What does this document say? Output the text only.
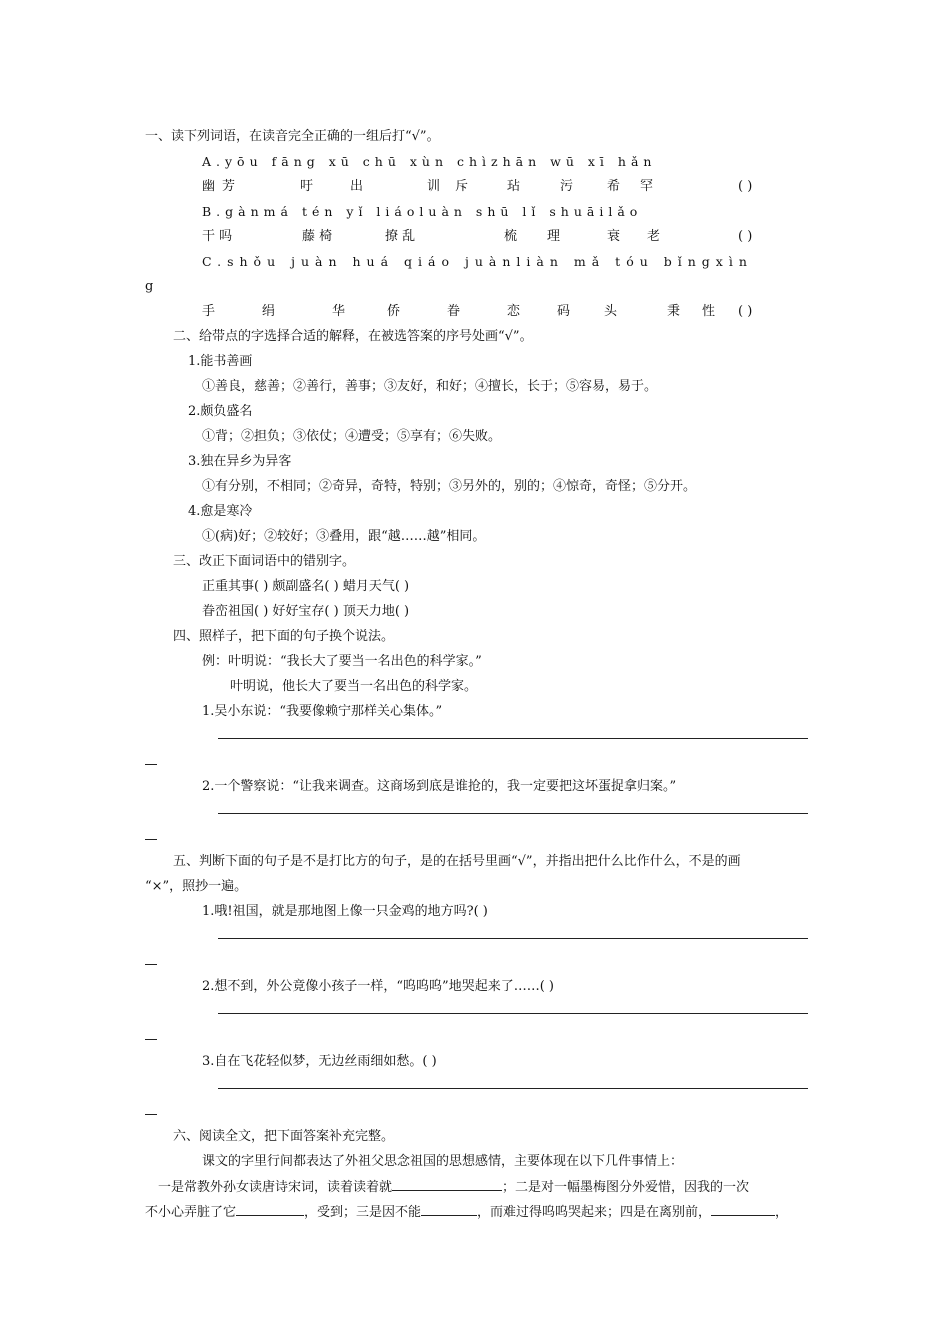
一、读下列词语，在读音完全正确的一组后打“√”。
A.yōu fāng xū chū xùn chìzhān wū xī hǎn
幽 芳	吁	出	训 斥	玷	污	希 罕	( )
B.gànmá tén yǐ liáoluàn shū lǐ shuāilǎo
干 吗	藤 椅	撩 乱	梳 理	衰 老	( )
C.shǒu juàn huá qiáo juànliàn mǎ tóu bǐngxìn
g
手	绢	华	侨	眷	恋	码	头	秉 性 ( )
二、给带点的字选择合适的解释，在被选答案的序号处画“√”。
1.能书善画
①善良，慈善；②善行，善事；③友好，和好；④擅长，长于；⑤容易，易于。
2.颇负盛名
①背；②担负；③依仗；④遭受；⑤享有；⑥失败。
3.独在异乡为异客
①有分别，不相同；②奇异，奇特，特别；③另外的，别的；④惊奇，奇怪；⑤分开。
4.愈是寒冷
①(病)好；②较好；③叠用，跟“越……越”相同。
三、改正下面词语中的错别字。
正重其事( ) 颇副盛名( ) 蜡月天气( )
眷峦祖国( ) 好好宝存( ) 顶天力地( )
四、照样子，把下面的句子换个说法。
例：叶明说：“我长大了要当一名出色的科学家。”
叶明说，他长大了要当一名出色的科学家。
1.吴小东说：“我要像赖宁那样关心集体。”
2.一个警察说：“让我来调查。这商场到底是谁抢的，我一定要把这坏蛋捉拿归案。”
五、判断下面的句子是不是打比方的句子，是的在括号里画“√”，并指出把什么比作什么，不是的画
“×”，照抄一遍。
1.哦!祖国，就是那地图上像一只金鸡的地方吗?( )
2.想不到，外公竟像小孩子一样，“呜呜呜”地哭起来了……( )
3.自在飞花轻似梦，无边丝雨细如愁。( )
六、阅读全文，把下面答案补充完整。
课文的字里行间都表达了外祖父思念祖国的思想感情，主要体现在以下几件事情上：
一是常教外孙女读唐诗宋词，读着读着就	；二是对一幅墨梅图分外爱惜，因我的一次
不小心弄脏了它	，受到；三是因不能	，而难过得呜呜哭起来；四是在离别前，	，
